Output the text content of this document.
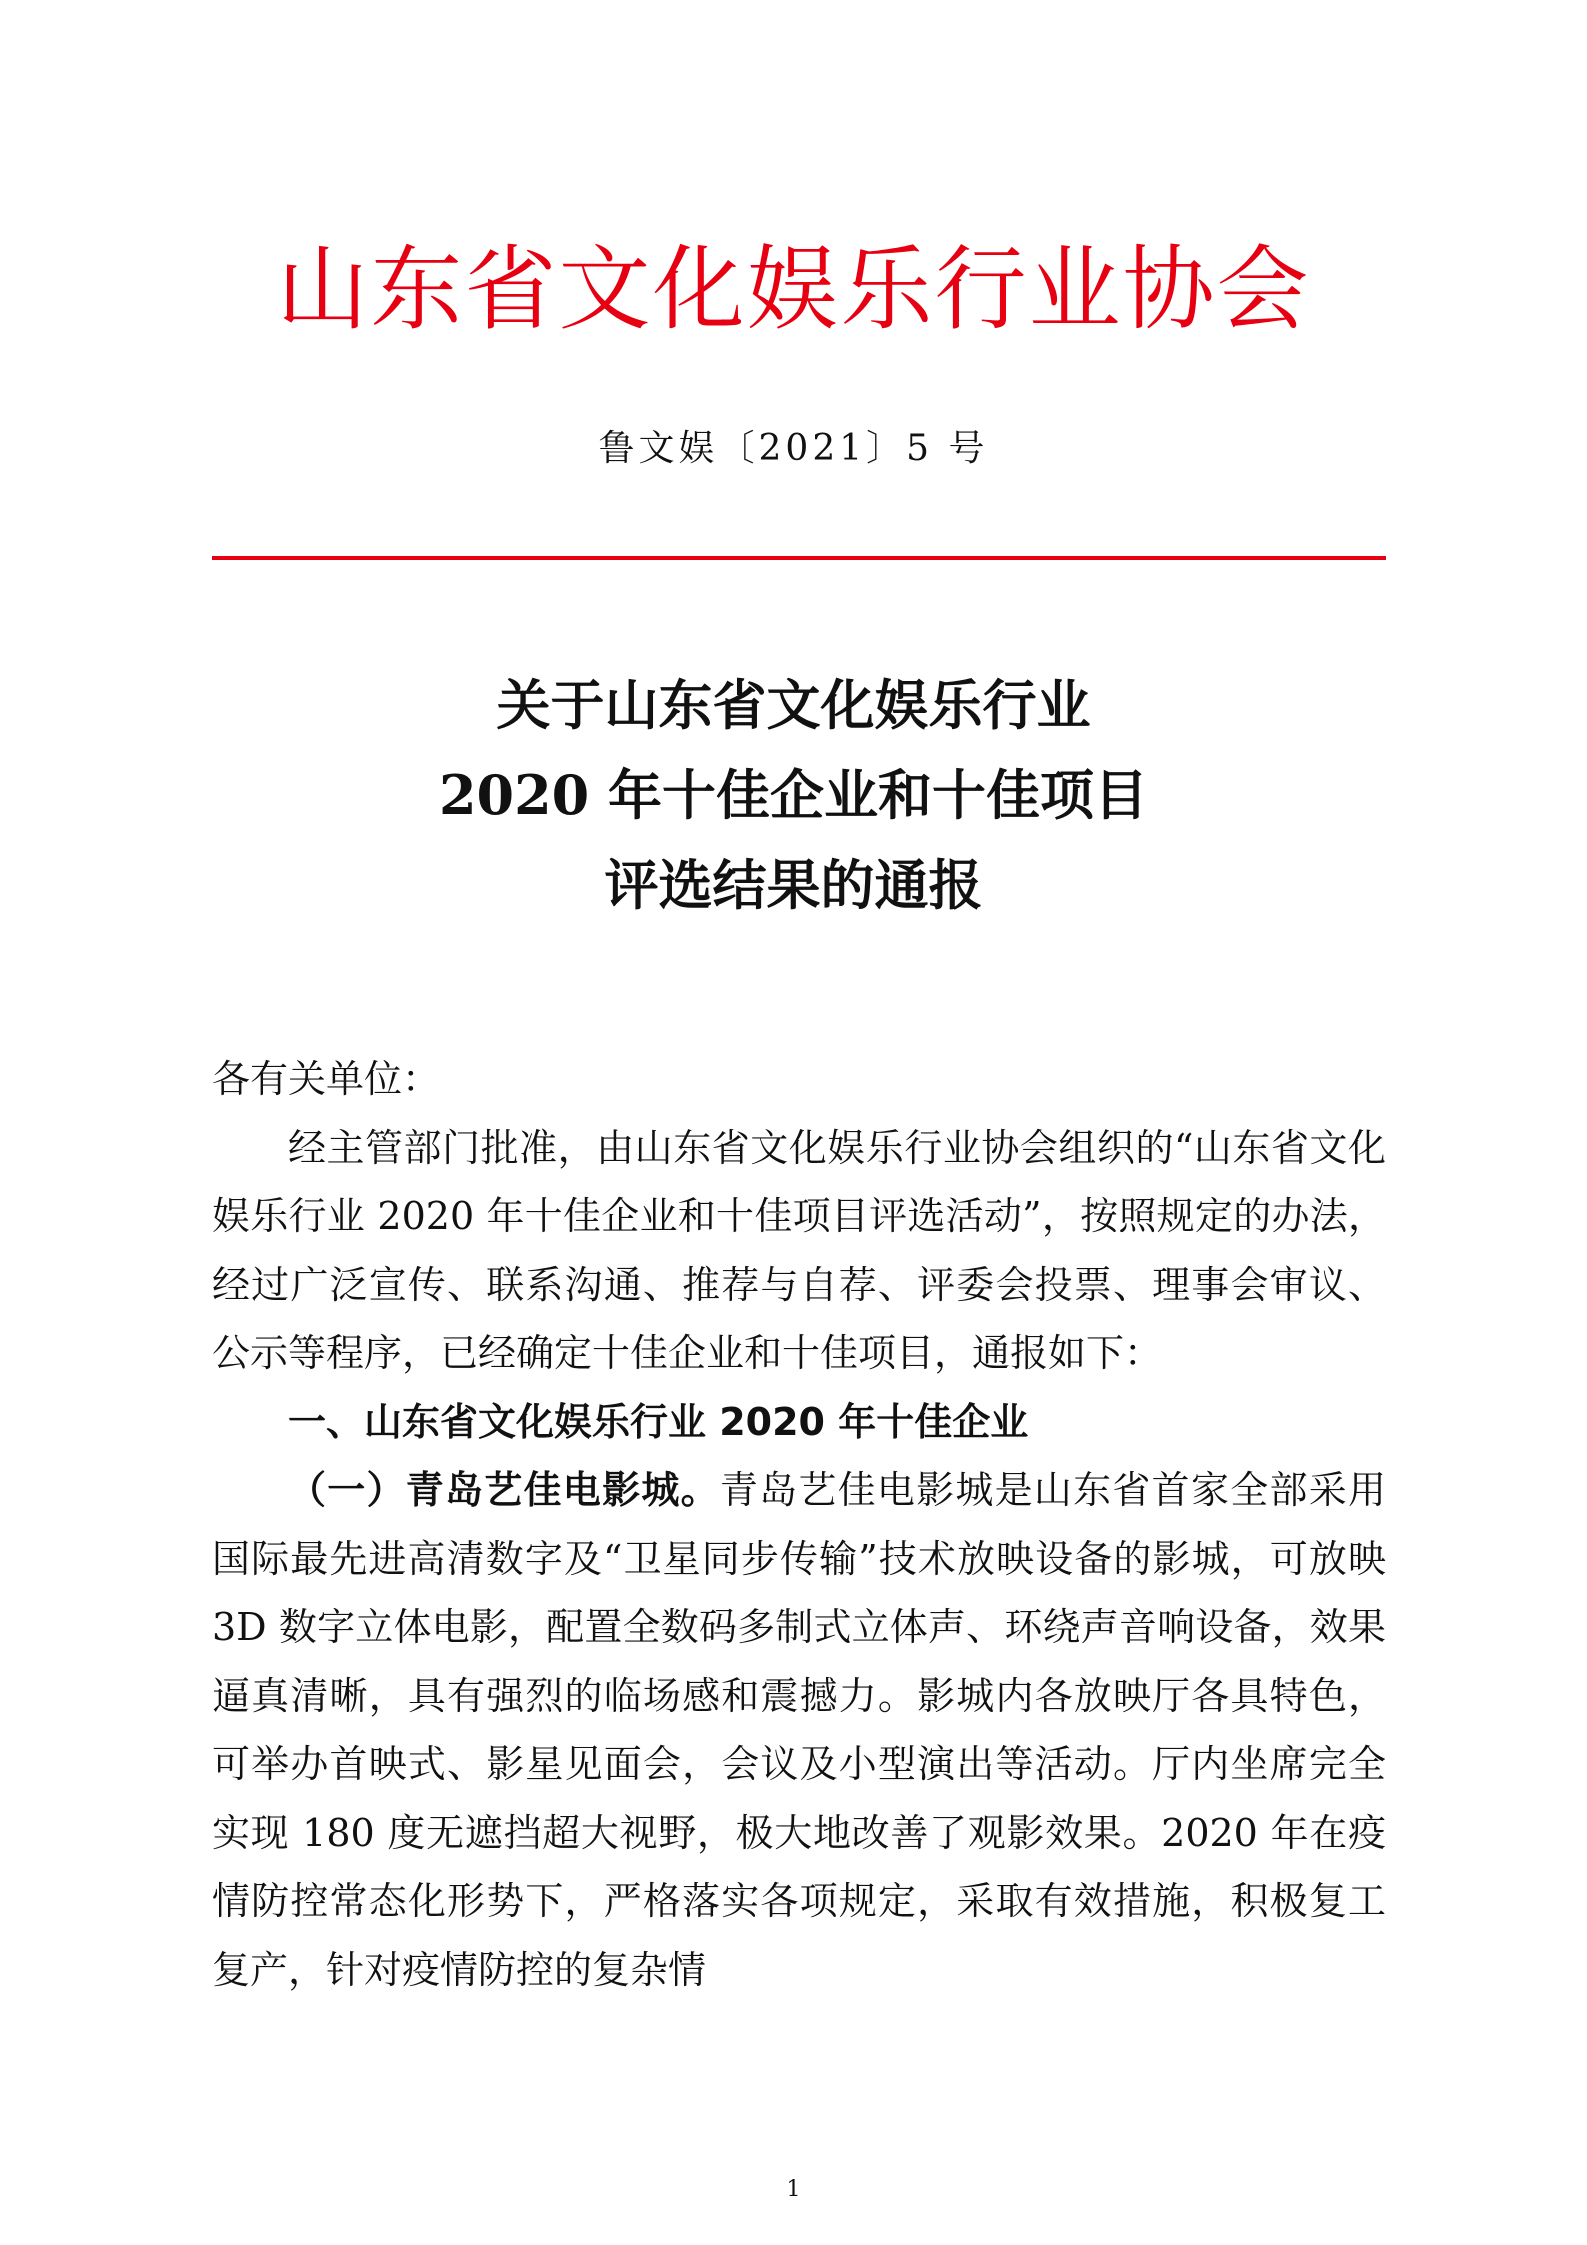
山东省文化娱乐行业协会
鲁文娱〔2021〕5 号
关于山东省文化娱乐行业
2020 年十佳企业和十佳项目
评选结果的通报

各有关单位：

经主管部门批准，由山东省文化娱乐行业协会组织的“山东省文化娱乐行业 2020 年十佳企业和十佳项目评选活动”，按照规定的办法，经过广泛宣传、联系沟通、推荐与自荐、评委会投票、理事会审议、公示等程序，已经确定十佳企业和十佳项目，通报如下：

一、山东省文化娱乐行业 2020 年十佳企业

（一）青岛艺佳电影城。青岛艺佳电影城是山东省首家全部采用国际最先进高清数字及“卫星同步传输”技术放映设备的影城，可放映 3D 数字立体电影，配置全数码多制式立体声、环绕声音响设备，效果逼真清晰，具有强烈的临场感和震撼力。影城内各放映厅各具特色，可举办首映式、影星见面会，会议及小型演出等活动。厅内坐席完全实现 180 度无遮挡超大视野，极大地改善了观影效果。2020 年在疫情防控常态化形势下，严格落实各项规定，采取有效措施，积极复工复产，针对疫情防控的复杂情

1
